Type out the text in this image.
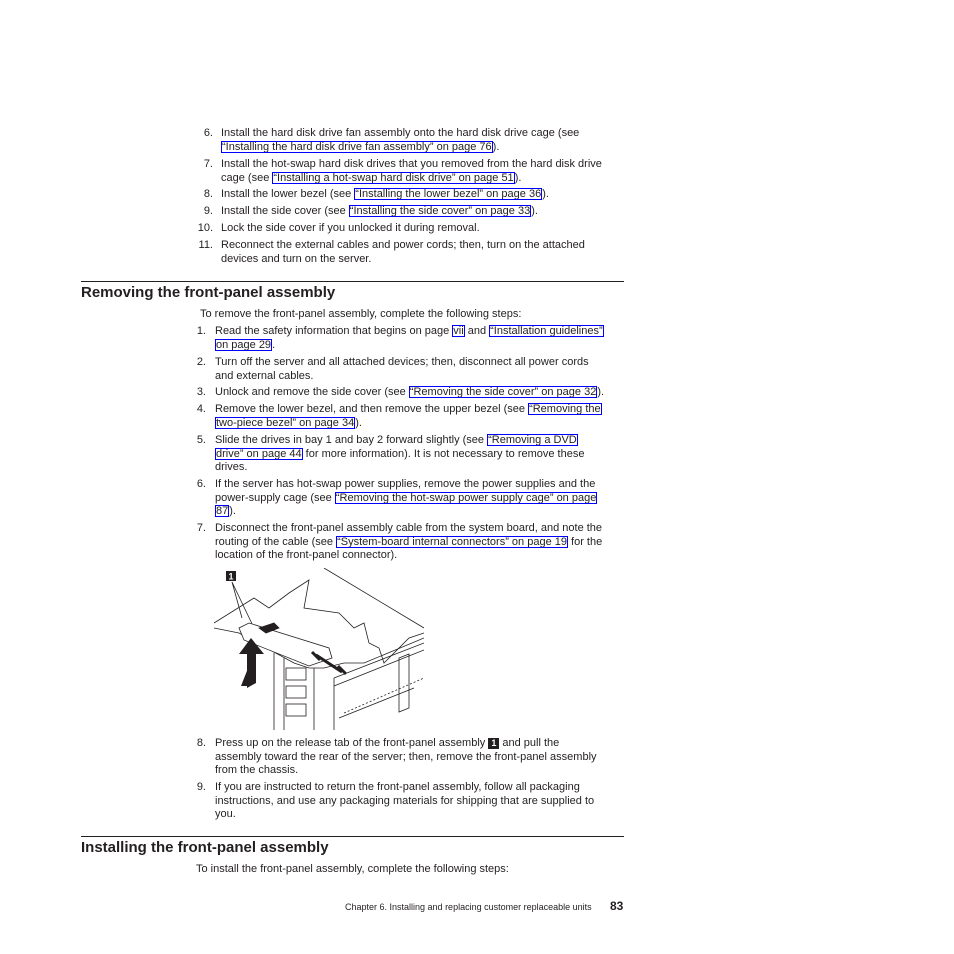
6. Install the hard disk drive fan assembly onto the hard disk drive cage (see
“Installing the hard disk drive fan assembly” on page 76).
7. Install the hot-swap hard disk drives that you removed from the hard disk drive
cage (see “Installing a hot-swap hard disk drive” on page 51).
8. Install the lower bezel (see “Installing the lower bezel” on page 36).
9. Install the side cover (see “Installing the side cover” on page 33).
10. Lock the side cover if you unlocked it during removal.
11. Reconnect the external cables and power cords; then, turn on the attached
devices and turn on the server.
Removing the front-panel assembly
To remove the front-panel assembly, complete the following steps:
1. Read the safety information that begins on page vii and “Installation guidelines”
on page 29.
2. Turn off the server and all attached devices; then, disconnect all power cords
and external cables.
3. Unlock and remove the side cover (see “Removing the side cover” on page 32).
4. Remove the lower bezel, and then remove the upper bezel (see “Removing the
two-piece bezel” on page 34).
5. Slide the drives in bay 1 and bay 2 forward slightly (see “Removing a DVD
drive” on page 44 for more information). It is not necessary to remove these
drives.
6. If the server has hot-swap power supplies, remove the power supplies and the
power-supply cage (see “Removing the hot-swap power supply cage” on page
87).
7. Disconnect the front-panel assembly cable from the system board, and note the
routing of the cable (see “System-board internal connectors” on page 19 for the
location of the front-panel connector).
1
8. Press up on the release tab of the front-panel assembly 1 and pull the
assembly toward the rear of the server; then, remove the front-panel assembly
from the chassis.
9. If you are instructed to return the front-panel assembly, follow all packaging
instructions, and use any packaging materials for shipping that are supplied to
you.
Installing the front-panel assembly
To install the front-panel assembly, complete the following steps:
Chapter 6. Installing and replacing customer replaceable units 83
